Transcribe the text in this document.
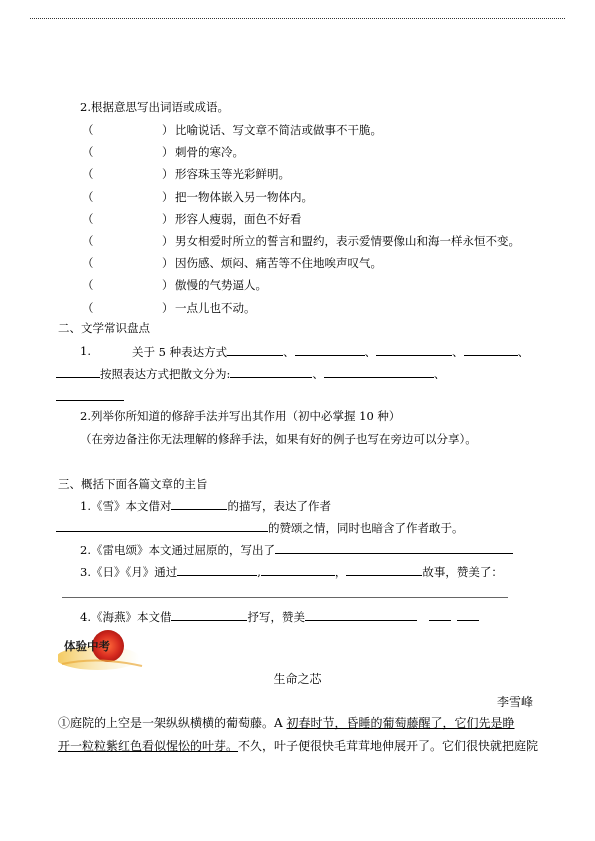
2.根据意思写出词语或成语。
（	） 比喻说话、写文章不简洁或做事不干脆。
（	） 刺骨的寒冷。
（	） 形容珠玉等光彩鲜明。
（	） 把一物体嵌入另一物体内。
（	） 形容人瘦弱，面色不好看
（	） 男女相爱时所立的誓言和盟约，表示爱情要像山和海一样永恒不变。
（	） 因伤感、烦闷、痛苦等不住地唉声叹气。
（	） 傲慢的气势逼人。
（	） 一点儿也不动。
二、文学常识盘点
1.	关于 5 种表达方式	、	、	、	、
按照表达方式把散文分为:	、	、
2.列举你所知道的修辞手法并写出其作用（初中必掌握 10 种）
（在旁边备注你无法理解的修辞手法，如果有好的例子也写在旁边可以分享）。
三、概括下面各篇文章的主旨
1.《雪》本文借对	的描写，表达了作者
的赞颂之情，同时也暗含了作者敢于。
2.《雷电颂》本文通过屈原的，写出了
3.《日》《月》通过	,	，	故事，赞美了：
4.《海燕》本文借	抒写，赞美
体验中考
生命之芯
李雪峰
①庭院的上空是一架纵纵横横的葡萄藤。A 初春时节，昏睡的葡萄藤醒了，它们先是睁
开一粒粒紫红色看似惺忪的叶芽。不久，叶子便很快毛茸茸地伸展开了。它们很快就把庭院
